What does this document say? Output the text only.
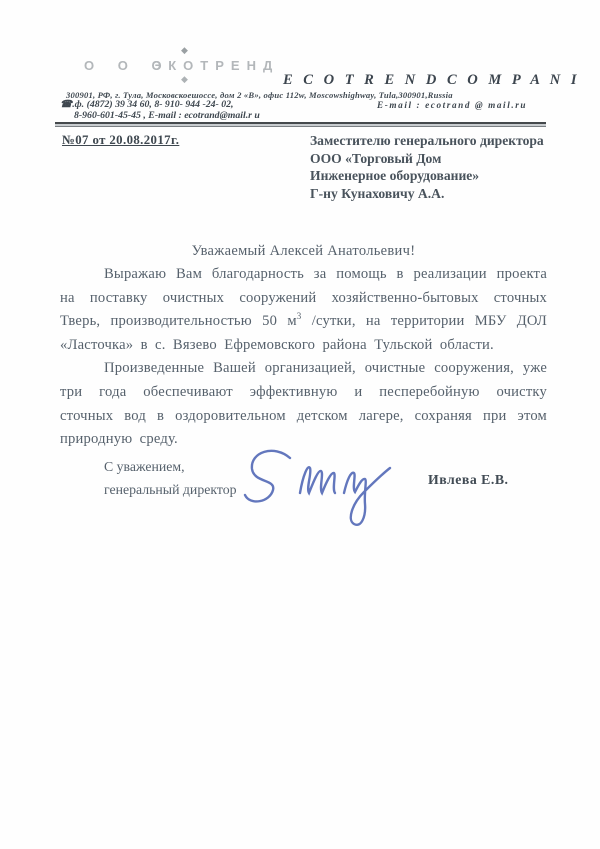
О О О
◆
ЭКОТРЕНД
◆	E C O T R E N D C O M P A N I
300901, РФ, г. Тула, Московскоешоссе, дом 2 «В», офис 112w, Moscowshighway, Tula,300901,Russia
☎.ф. (4872) 39 34 60, 8- 910- 944 -24- 02,	E-mail : ecotrand @ mail.ru
8-960-601-45-45 , E-mail : ecotrand@mail.r u
№07 от 20.08.2017г.	Заместителю генерального директора
ООО «Торговый Дом
Инженерное оборудование»
Г-ну Кунаховичу А.А.
Уважаемый Алексей Анатольевич!

Выражаю Вам благодарность за помощь в реализации проекта на поставку очистных сооружений хозяйственно-бытовых сточных Тверь, производительностью 50 $м^3$ /сутки, на территории МБУ ДОЛ «Ласточка» в с. Вязево Ефремовского района Тульской области.

Произведенные Вашей организацией, очистные сооружения, уже три года обеспечивают эффективную и песперебойную очистку сточных вод в оздоровительном детском лагере, сохраняя при этом природную среду.

С уважением,
генеральный директор
Ивлева Е.В.
